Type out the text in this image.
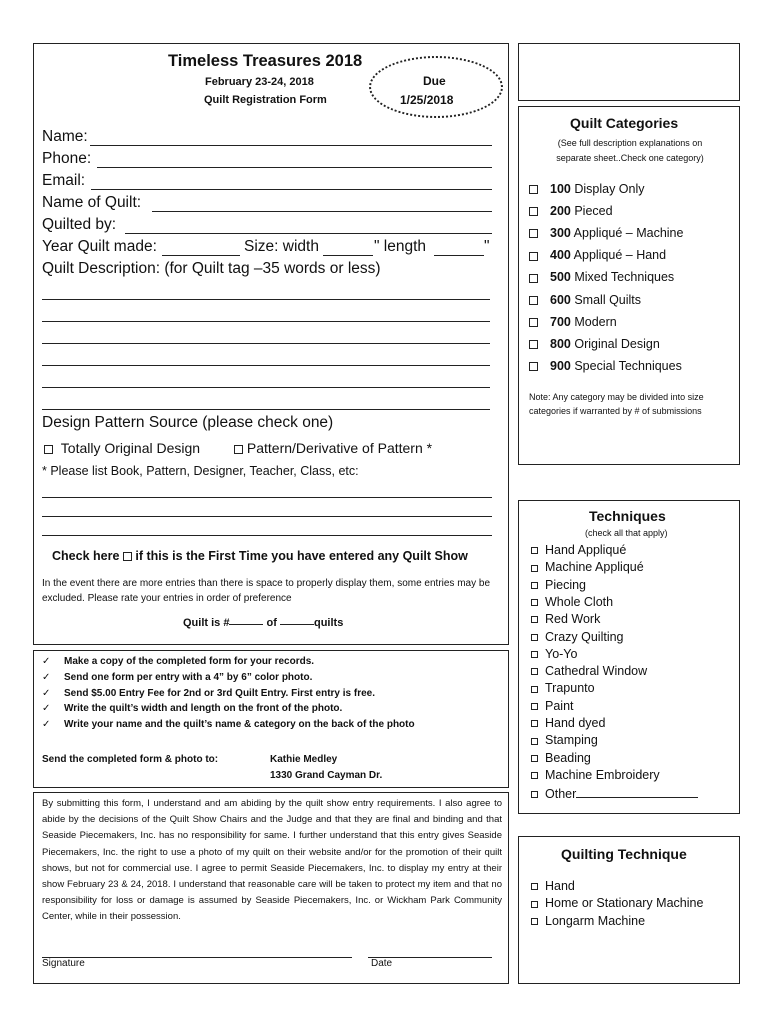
Timeless Treasures 2018
February 23-24, 2018
Quilt Registration Form
Due
1/25/2018
Name:
Phone:
Email:
Name of Quilt:
Quilted by:
Year Quilt made:	Size: width	" length	"
Quilt Description: (for Quilt tag –35 words or less)
Design Pattern Source (please check one)
Totally Original Design	Pattern/Derivative of Pattern *
* Please list Book, Pattern, Designer, Teacher, Class, etc:
Check here if this is the First Time you have entered any Quilt Show
In the event there are more entries than there is space to properly display them, some entries may be excluded. Please rate your entries in order of preference
Quilt is #	of	quilts
Send the completed form & photo to:	Kathie Medley
1330 Grand Cayman Dr.
By submitting this form, I understand and am abiding by the quilt show entry requirements. I also agree to abide by the decisions of the Quilt Show Chairs and the Judge and that they are final and binding and that Seaside Piecemakers, Inc. has no responsibility for same. I further understand that this entry gives Seaside Piecemakers, Inc. the right to use a photo of my quilt on their website and/or for the promotion of their quilt shows, but not for commercial use. I agree to permit Seaside Piecemakers, Inc. to display my entry at their show February 23 & 24, 2018. I understand that reasonable care will be taken to protect my item and that no responsibility for loss or damage is assumed by Seaside Piecemakers, Inc. or Wickham Park Community Center, while in their possession.
Signature	Date
Quilt Categories
(See full description explanations on separate sheet..Check one category)
Note: Any category may be divided into size categories if warranted by # of submissions
Techniques
(check all that apply)
Quilting Technique
✓ Make a copy of the completed form for your records.
✓ Send one form per entry with a 4” by 6” color photo.
✓ Send $5.00 Entry Fee for 2nd or 3rd Quilt Entry. First entry is free.
✓ Write the quilt’s width and length on the front of the photo.
✓ Write your name and the quilt’s name & category on the back of the photo
100 Display Only
200 Pieced
300 Appliqué – Machine
400 Appliqué – Hand
500 Mixed Techniques
600 Small Quilts
700 Modern
800 Original Design
900 Special Techniques
Hand Appliqué
Machine Appliqué
Piecing
Whole Cloth
Red Work
Crazy Quilting
Yo-Yo
Cathedral Window
Trapunto
Paint
Hand dyed
Stamping
Beading
Machine Embroidery
Other
Hand
Home or Stationary Machine
Longarm Machine
